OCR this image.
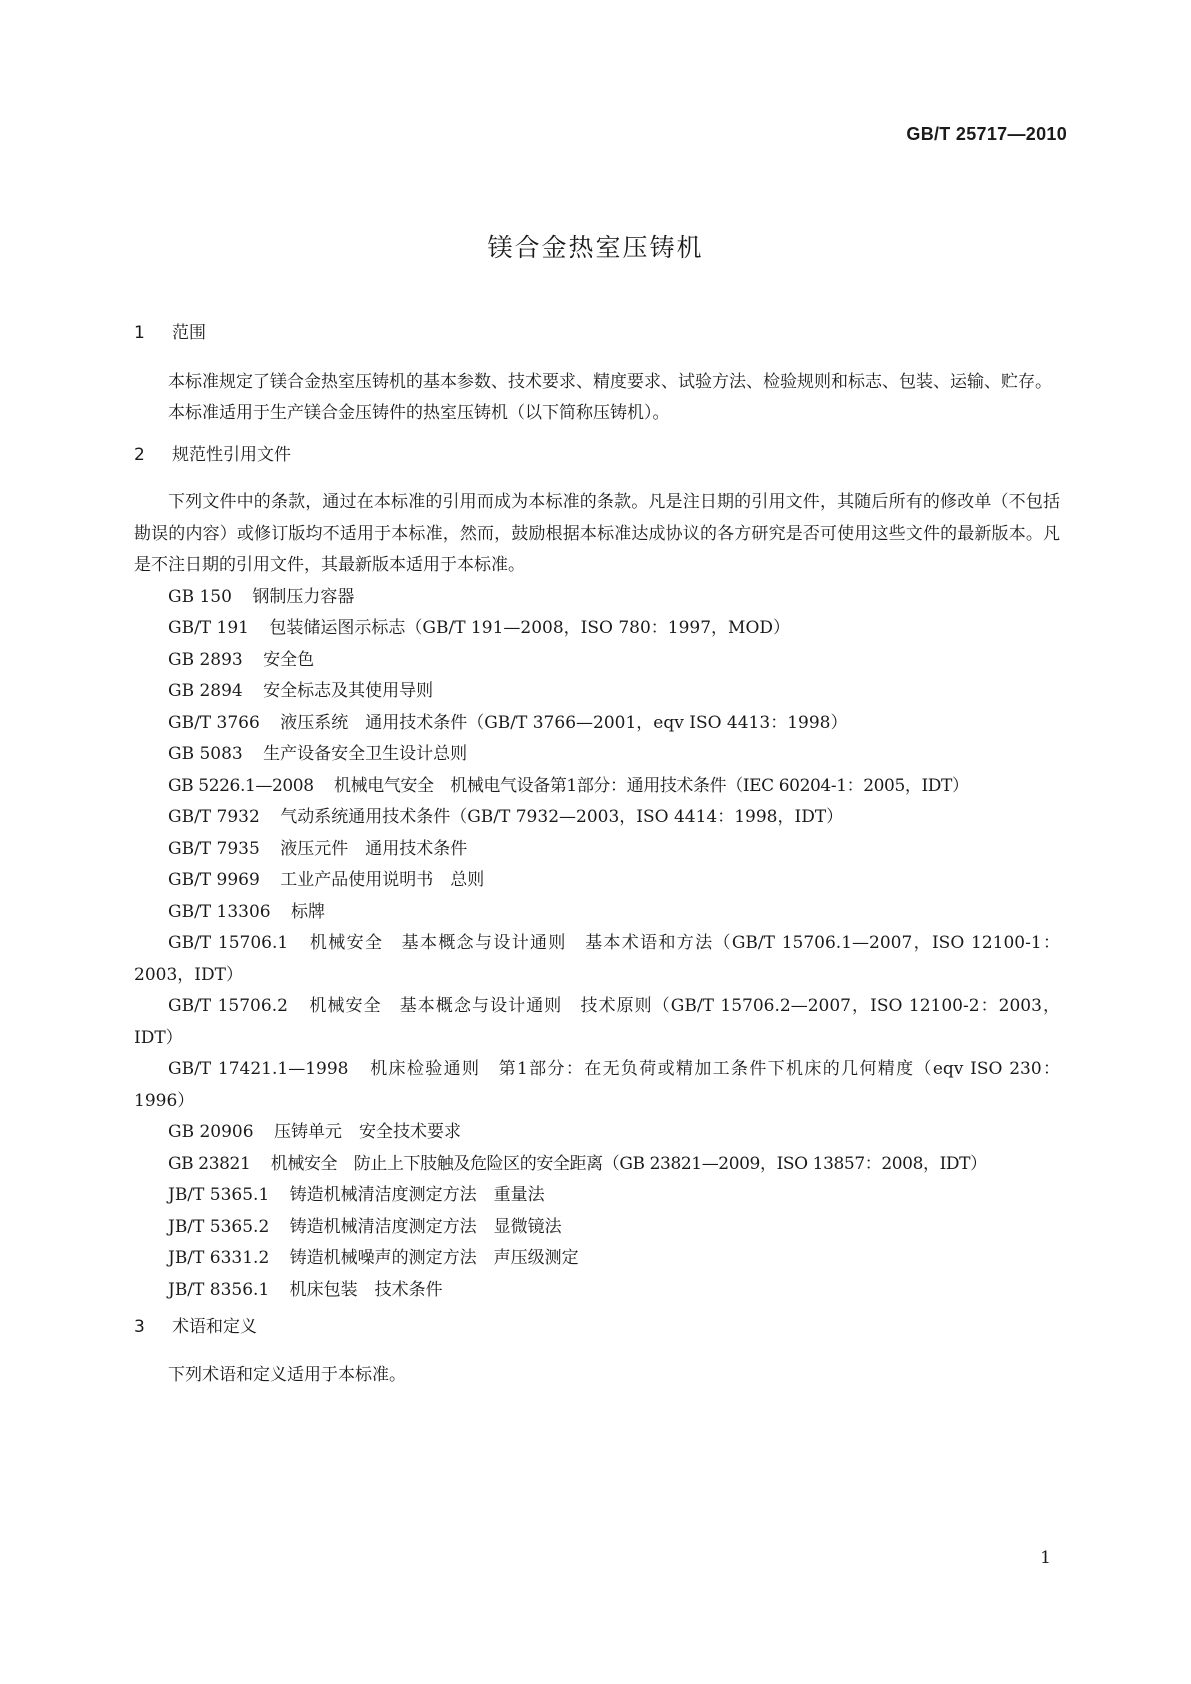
GB/T 25717—2010
镁合金热室压铸机
1	范围

本标准规定了镁合金热室压铸机的基本参数、技术要求、精度要求、试验方法、检验规则和标志、包装、运输、贮存。

本标准适用于生产镁合金压铸件的热室压铸机（以下简称压铸机）。

2	规范性引用文件

下列文件中的条款，通过在本标准的引用而成为本标准的条款。凡是注日期的引用文件，其随后所有的修改单（不包括勘误的内容）或修订版均不适用于本标准，然而，鼓励根据本标准达成协议的各方研究是否可使用这些文件的最新版本。凡是不注日期的引用文件，其最新版本适用于本标准。

GB 150 钢制压力容器

GB/T 191 包装储运图示标志（GB/T 191—2008，ISO 780：1997，MOD）

GB 2893 安全色

GB 2894 安全标志及其使用导则

GB/T 3766 液压系统　通用技术条件（GB/T 3766—2001，eqv ISO 4413：1998）

GB 5083 生产设备安全卫生设计总则

GB 5226.1—2008 机械电气安全　机械电气设备第1部分：通用技术条件（IEC 60204-1：2005，IDT）

GB/T 7932 气动系统通用技术条件（GB/T 7932—2003，ISO 4414：1998，IDT）

GB/T 7935 液压元件　通用技术条件

GB/T 9969 工业产品使用说明书　总则

GB/T 13306 标牌

GB/T 15706.1 机械安全　基本概念与设计通则　基本术语和方法（GB/T 15706.1—2007，ISO 12100-1：2003，IDT）

GB/T 15706.2 机械安全　基本概念与设计通则　技术原则（GB/T 15706.2—2007，ISO 12100-2：2003，IDT）

GB/T 17421.1—1998 机床检验通则　第1部分：在无负荷或精加工条件下机床的几何精度（eqv ISO 230：1996）

GB 20906 压铸单元　安全技术要求

GB 23821 机械安全　防止上下肢触及危险区的安全距离（GB 23821—2009，ISO 13857：2008，IDT）

JB/T 5365.1 铸造机械清洁度测定方法　重量法

JB/T 5365.2 铸造机械清洁度测定方法　显微镜法

JB/T 6331.2 铸造机械噪声的测定方法　声压级测定

JB/T 8356.1 机床包装　技术条件

3	术语和定义

下列术语和定义适用于本标准。

1
